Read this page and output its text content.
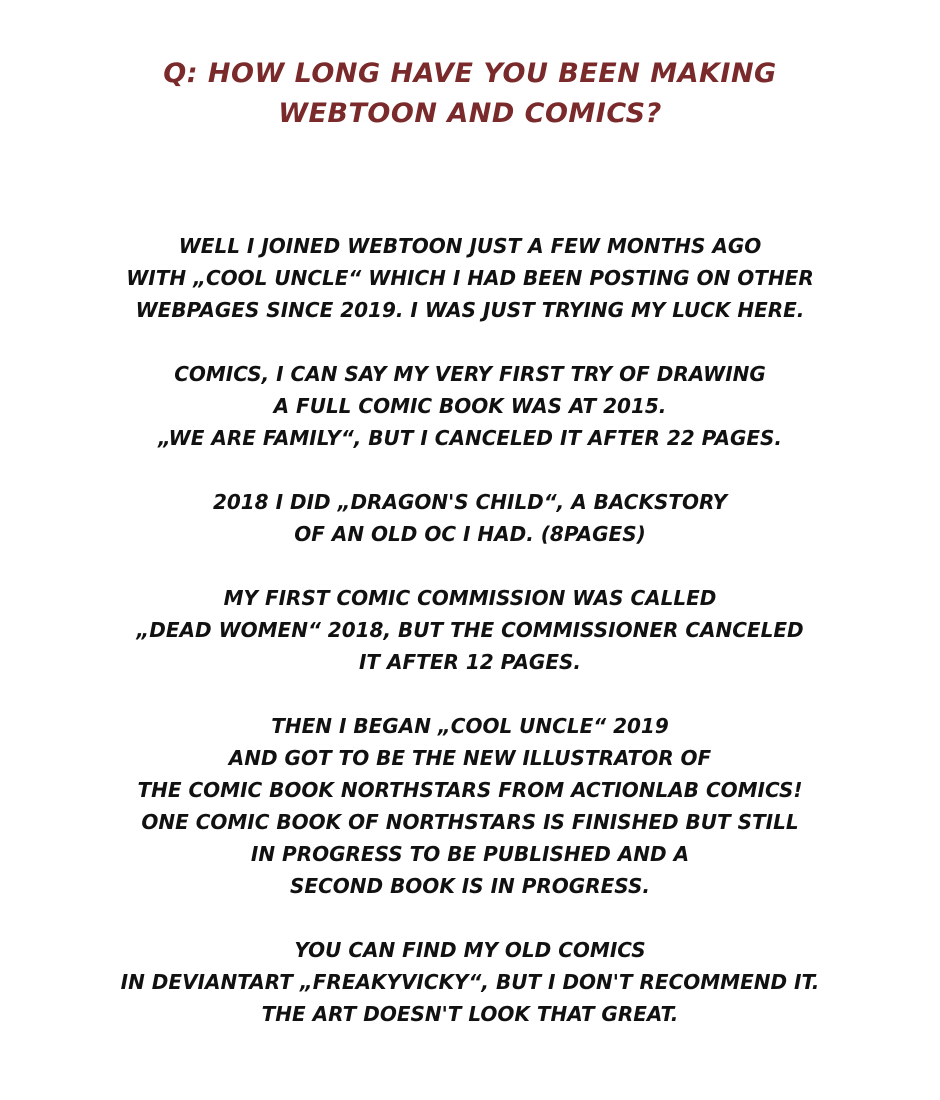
Q: HOW LONG HAVE YOU BEEN MAKING
WEBTOON AND COMICS?

WELL I JOINED WEBTOON JUST A FEW MONTHS AGO
WITH „COOL UNCLE“ WHICH I HAD BEEN POSTING ON OTHER
WEBPAGES SINCE 2019. I WAS JUST TRYING MY LUCK HERE.

COMICS, I CAN SAY MY VERY FIRST TRY OF DRAWING
A FULL COMIC BOOK WAS AT 2015.
„WE ARE FAMILY“, BUT I CANCELED IT AFTER 22 PAGES.

2018 I DID „DRAGON'S CHILD“, A BACKSTORY
OF AN OLD OC I HAD. (8PAGES)

MY FIRST COMIC COMMISSION WAS CALLED
„DEAD WOMEN“ 2018, BUT THE COMMISSIONER CANCELED
IT AFTER 12 PAGES.

THEN I BEGAN „COOL UNCLE“ 2019
AND GOT TO BE THE NEW ILLUSTRATOR OF
THE COMIC BOOK NORTHSTARS FROM ACTIONLAB COMICS!
ONE COMIC BOOK OF NORTHSTARS IS FINISHED BUT STILL
IN PROGRESS TO BE PUBLISHED AND A
SECOND BOOK IS IN PROGRESS.

YOU CAN FIND MY OLD COMICS
IN DEVIANTART „FREAKYVICKY“, BUT I DON'T RECOMMEND IT.
THE ART DOESN'T LOOK THAT GREAT.
